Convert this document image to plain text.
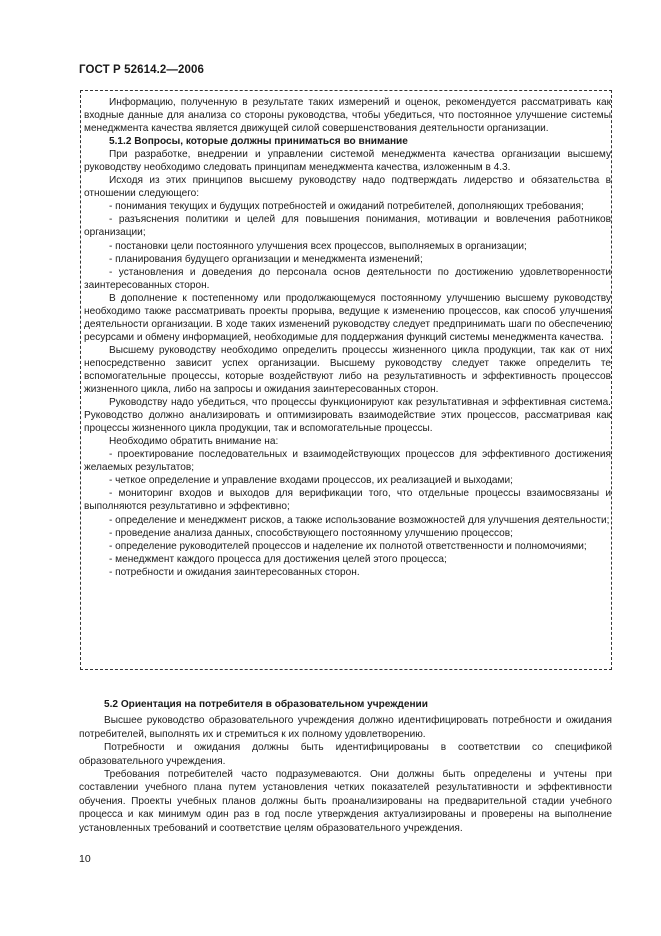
ГОСТ Р 52614.2—2006

Информацию, полученную в результате таких измерений и оценок, рекомендуется рассматривать как входные данные для анализа со стороны руководства, чтобы убедиться, что постоянное улучшение системы менеджмента качества является движущей силой совершенствования деятельности организации.

5.1.2 Вопросы, которые должны приниматься во внимание

При разработке, внедрении и управлении системой менеджмента качества организации высшему руководству необходимо следовать принципам менеджмента качества, изложенным в 4.3.

Исходя из этих принципов высшему руководству надо подтверждать лидерство и обязательства в отношении следующего:

- понимания текущих и будущих потребностей и ожиданий потребителей, дополняющих требования;

- разъяснения политики и целей для повышения понимания, мотивации и вовлечения работников организации;

- постановки цели постоянного улучшения всех процессов, выполняемых в организации;

- планирования будущего организации и менеджмента изменений;

- установления и доведения до персонала основ деятельности по достижению удовлетворенности заинтересованных сторон.

В дополнение к постепенному или продолжающемуся постоянному улучшению высшему руководству необходимо также рассматривать проекты прорыва, ведущие к изменению процессов, как способ улучшения деятельности организации. В ходе таких изменений руководству следует предпринимать шаги по обеспечению ресурсами и обмену информацией, необходимые для поддержания функций системы менеджмента качества.

Высшему руководству необходимо определить процессы жизненного цикла продукции, так как от них непосредственно зависит успех организации. Высшему руководству следует также определить те вспомогательные процессы, которые воздействуют либо на результативность и эффективность процессов жизненного цикла, либо на запросы и ожидания заинтересованных сторон.

Руководству надо убедиться, что процессы функционируют как результативная и эффективная система. Руководство должно анализировать и оптимизировать взаимодействие этих процессов, рассматривая как процессы жизненного цикла продукции, так и вспомогательные процессы.

Необходимо обратить внимание на:

- проектирование последовательных и взаимодействующих процессов для эффективного достижения желаемых результатов;

- четкое определение и управление входами процессов, их реализацией и выходами;

- мониторинг входов и выходов для верификации того, что отдельные процессы взаимосвязаны и выполняются результативно и эффективно;

- определение и менеджмент рисков, а также использование возможностей для улучшения деятельности;

- проведение анализа данных, способствующего постоянному улучшению процессов;

- определение руководителей процессов и наделение их полнотой ответственности и полномочиями;

- менеджмент каждого процесса для достижения целей этого процесса;

- потребности и ожидания заинтересованных сторон.

5.2 Ориентация на потребителя в образовательном учреждении

Высшее руководство образовательного учреждения должно идентифицировать потребности и ожидания потребителей, выполнять их и стремиться к их полному удовлетворению.

Потребности и ожидания должны быть идентифицированы в соответствии со спецификой образовательного учреждения.

Требования потребителей часто подразумеваются. Они должны быть определены и учтены при составлении учебного плана путем установления четких показателей результативности и эффективности обучения. Проекты учебных планов должны быть проанализированы на предварительной стадии учебного процесса и как минимум один раз в год после утверждения актуализированы и проверены на выполнение установленных требований и соответствие целям образовательного учреждения.

10
